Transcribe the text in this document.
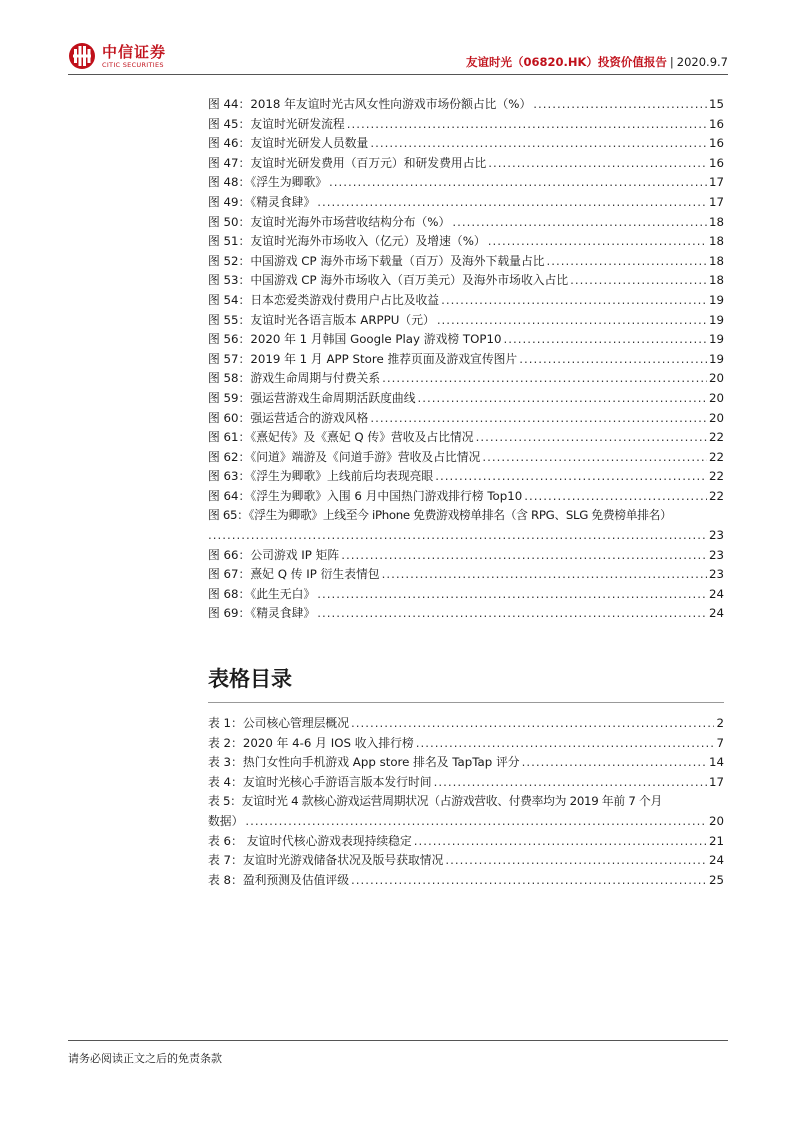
中信证券
CITIC SECURITIES	友谊时光（06820.HK）投资价值报告 | 2020.9.7
图 44：2018 年友谊时光古风女性向游戏市场份额占比（%） .....	15
图 45：友谊时光研发流程 .....	16
图 46：友谊时光研发人员数量 .....	16
图 47：友谊时光研发费用（百万元）和研发费用占比 .....	16
图 48：《浮生为卿歌》 .....	17
图 49：《精灵食肆》 .....	17
图 50：友谊时光海外市场营收结构分布（%） .....	18
图 51：友谊时光海外市场收入（亿元）及增速（%） .....	18
图 52：中国游戏 CP 海外市场下载量（百万）及海外下载量占比 .....	18
图 53：中国游戏 CP 海外市场收入（百万美元）及海外市场收入占比 .....	18
图 54：日本恋爱类游戏付费用户占比及收益 .....	19
图 55：友谊时光各语言版本 ARPPU（元） .....	19
图 56：2020 年 1 月韩国 Google Play 游戏榜 TOP10 .....	19
图 57：2019 年 1 月 APP Store 推荐页面及游戏宣传图片 .....	19
图 58：游戏生命周期与付费关系 .....	20
图 59：强运营游戏生命周期活跃度曲线 .....	20
图 60：强运营适合的游戏风格 .....	20
图 61：《熹妃传》及《熹妃 Q 传》营收及占比情况 .....	22
图 62：《问道》端游及《问道手游》营收及占比情况 .....	22
图 63：《浮生为卿歌》上线前后均表现亮眼 .....	22
图 64：《浮生为卿歌》入围 6 月中国热门游戏排行榜 Top10 .....	22
图 65：《浮生为卿歌》上线至今 iPhone 免费游戏榜单排名（含 RPG、SLG 免费榜单排名）
.....
23
图 66：公司游戏 IP 矩阵 .....	23
图 67：熹妃 Q 传 IP 衍生表情包 .....	23
图 68：《此生无白》 .....	24
图 69：《精灵食肆》 .....	24
表格目录
表 1：公司核心管理层概况 .....	2
表 2：2020 年 4-6 月 IOS 收入排行榜 .....	7
表 3：热门女性向手机游戏 App store 排名及 TapTap 评分 .....	14
表 4：友谊时光核心手游语言版本发行时间 .....	17
表 5：友谊时光 4 款核心游戏运营周期状况（占游戏营收、付费率均为 2019 年前 7 个月
数据） .....	20
表 6： 友谊时代核心游戏表现持续稳定 .....	21
表 7：友谊时光游戏储备状况及版号获取情况 .....	24
表 8：盈利预测及估值评级 .....	25
请务必阅读正文之后的免责条款
